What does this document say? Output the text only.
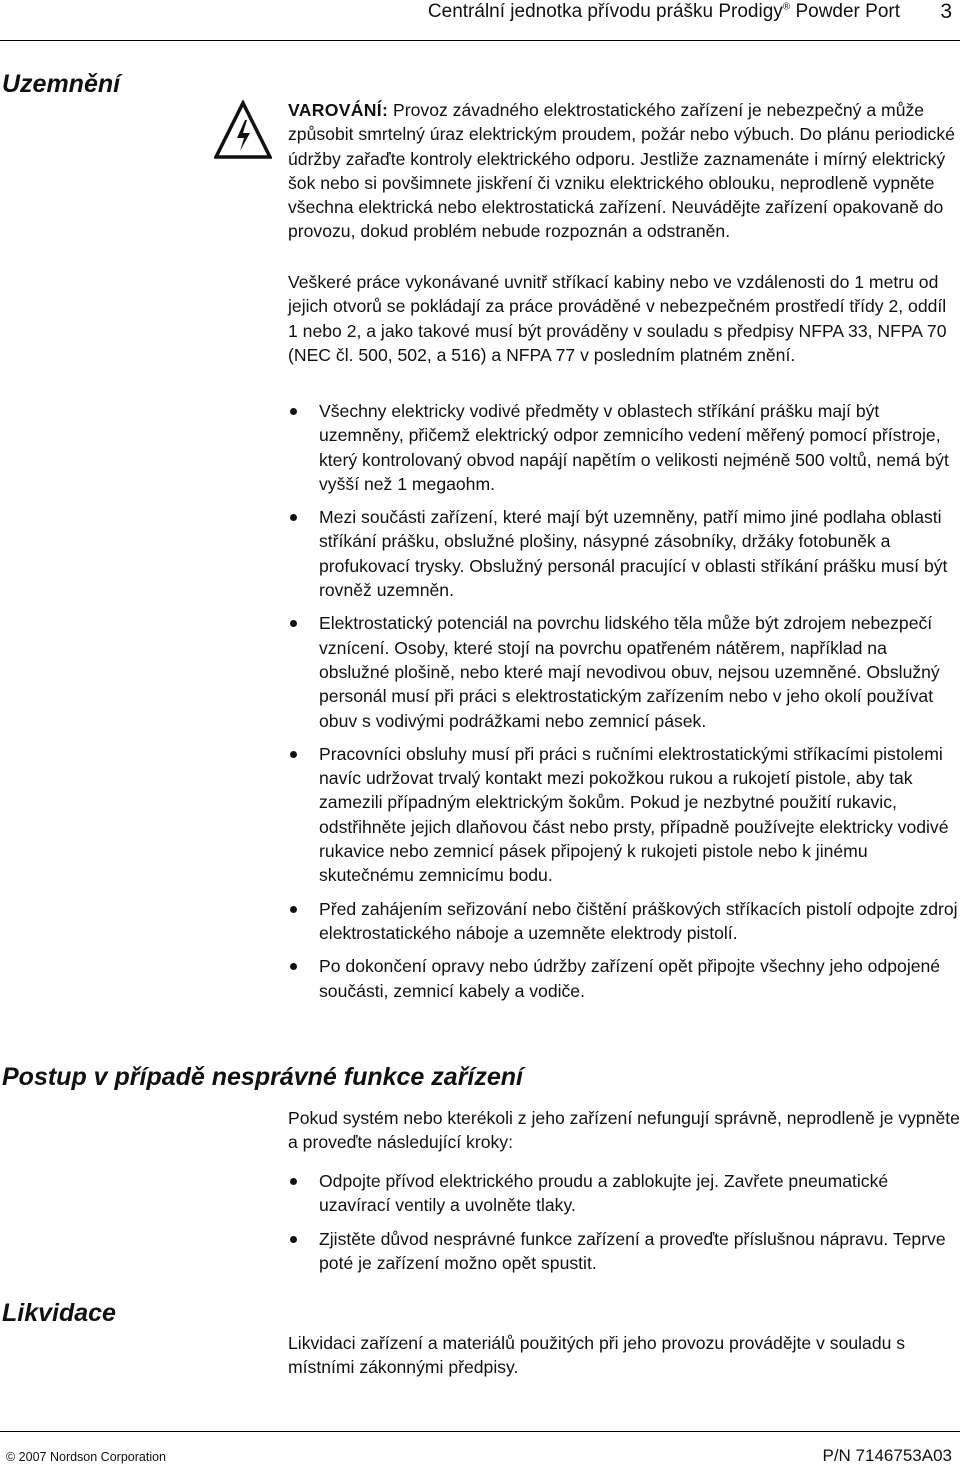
Centrální jednotka přívodu prášku Prodigy® Powder Port 3
Uzemnění

VAROVÁNÍ: Provoz závadného elektrostatického zařízení je nebezpečný a může způsobit smrtelný úraz elektrickým proudem, požár nebo výbuch. Do plánu periodické údržby zařaďte kontroly elektrického odporu. Jestliže zaznamenáte i mírný elektrický šok nebo si povšimnete jiskření či vzniku elektrického oblouku, neprodleně vypněte všechna elektrická nebo elektrostatická zařízení. Neuvádějte zařízení opakovaně do provozu, dokud problém nebude rozpoznán a odstraněn.

Veškeré práce vykonávané uvnitř stříkací kabiny nebo ve vzdálenosti do 1 metru od jejich otvorů se pokládají za práce prováděné v nebezpečném prostředí třídy 2, oddíl 1 nebo 2, a jako takové musí být prováděny v souladu s předpisy NFPA 33, NFPA 70 (NEC čl. 500, 502, a 516) a NFPA 77 v posledním platném znění.

Všechny elektricky vodivé předměty v oblastech stříkání prášku mají být uzemněny, přičemž elektrický odpor zemnicího vedení měřený pomocí přístroje, který kontrolovaný obvod napájí napětím o velikosti nejméně 500 voltů, nemá být vyšší než 1 megaohm.
Mezi součásti zařízení, které mají být uzemněny, patří mimo jiné podlaha oblasti stříkání prášku, obslužné plošiny, násypné zásobníky, držáky fotobuněk a profukovací trysky. Obslužný personál pracující v oblasti stříkání prášku musí být rovněž uzemněn.
Elektrostatický potenciál na povrchu lidského těla může být zdrojem nebezpečí vznícení. Osoby, které stojí na povrchu opatřeném nátěrem, například na obslužné plošině, nebo které mají nevodivou obuv, nejsou uzemněné. Obslužný personál musí při práci s elektrostatickým zařízením nebo v jeho okolí používat obuv s vodivými podrážkami nebo zemnicí pásek.
Pracovníci obsluhy musí při práci s ručními elektrostatickými stříkacími pistolemi navíc udržovat trvalý kontakt mezi pokožkou rukou a rukojetí pistole, aby tak zamezili případným elektrickým šokům. Pokud je nezbytné použití rukavic, odstřihněte jejich dlaňovou část nebo prsty, případně používejte elektricky vodivé rukavice nebo zemnicí pásek připojený k rukojeti pistole nebo k jinému skutečnému zemnicímu bodu.
Před zahájením seřizování nebo čištění práškových stříkacích pistolí odpojte zdroj elektrostatického náboje a uzemněte elektrody pistolí.
Po dokončení opravy nebo údržby zařízení opět připojte všechny jeho odpojené součásti, zemnicí kabely a vodiče.
Postup v případě nesprávné funkce zařízení

Pokud systém nebo kterékoli z jeho zařízení nefungují správně, neprodleně je vypněte a proveďte následující kroky:

Odpojte přívod elektrického proudu a zablokujte jej. Zavřete pneumatické uzavírací ventily a uvolněte tlaky.
Zjistěte důvod nesprávné funkce zařízení a proveďte příslušnou nápravu. Teprve poté je zařízení možno opět spustit.
Likvidace

Likvidaci zařízení a materiálů použitých při jeho provozu provádějte v souladu s místními zákonnými předpisy.

© 2007 Nordson Corporation	P/N 7146753A03
